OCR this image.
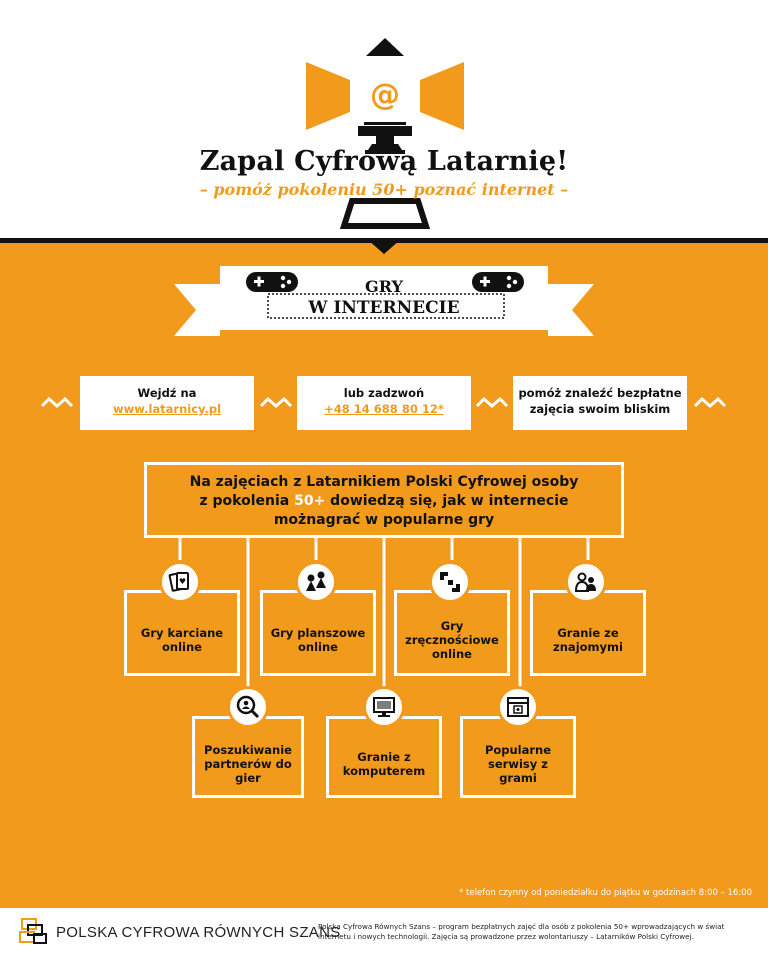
@
Zapal Cyfrową Latarnię!
– pomóż pokoleniu 50+ poznać internet –
GRY
W INTERNECIE
Wejdź na
www.latarnicy.pl
lub zadzwoń
+48 14 688 80 12*
pomóż znaleźć bezpłatne
zajęcia swoim bliskim
Na zajęciach z Latarnikiem Polski Cyfrowej osoby
z pokolenia 50+ dowiedzą się, jak w internecie
możnagrać w popularne gry
Gry karciane online
Gry planszowe online
Gry zręcznościowe online
Granie ze znajomymi
Poszukiwanie partnerów do gier
Granie z komputerem
Popularne serwisy z grami
♥
* telefon czynny od poniedziałku do piątku w godzinach 8:00 – 16:00
POLSKA CYFROWA RÓWNYCH SZANS
Polska Cyfrowa Równych Szans – program bezpłatnych zajęć dla osób z pokolenia 50+ wprowadzających w świat internetu i nowych technologii. Zajęcia są prowadzone przez wolontariuszy – Latarników Polski Cyfrowej.
